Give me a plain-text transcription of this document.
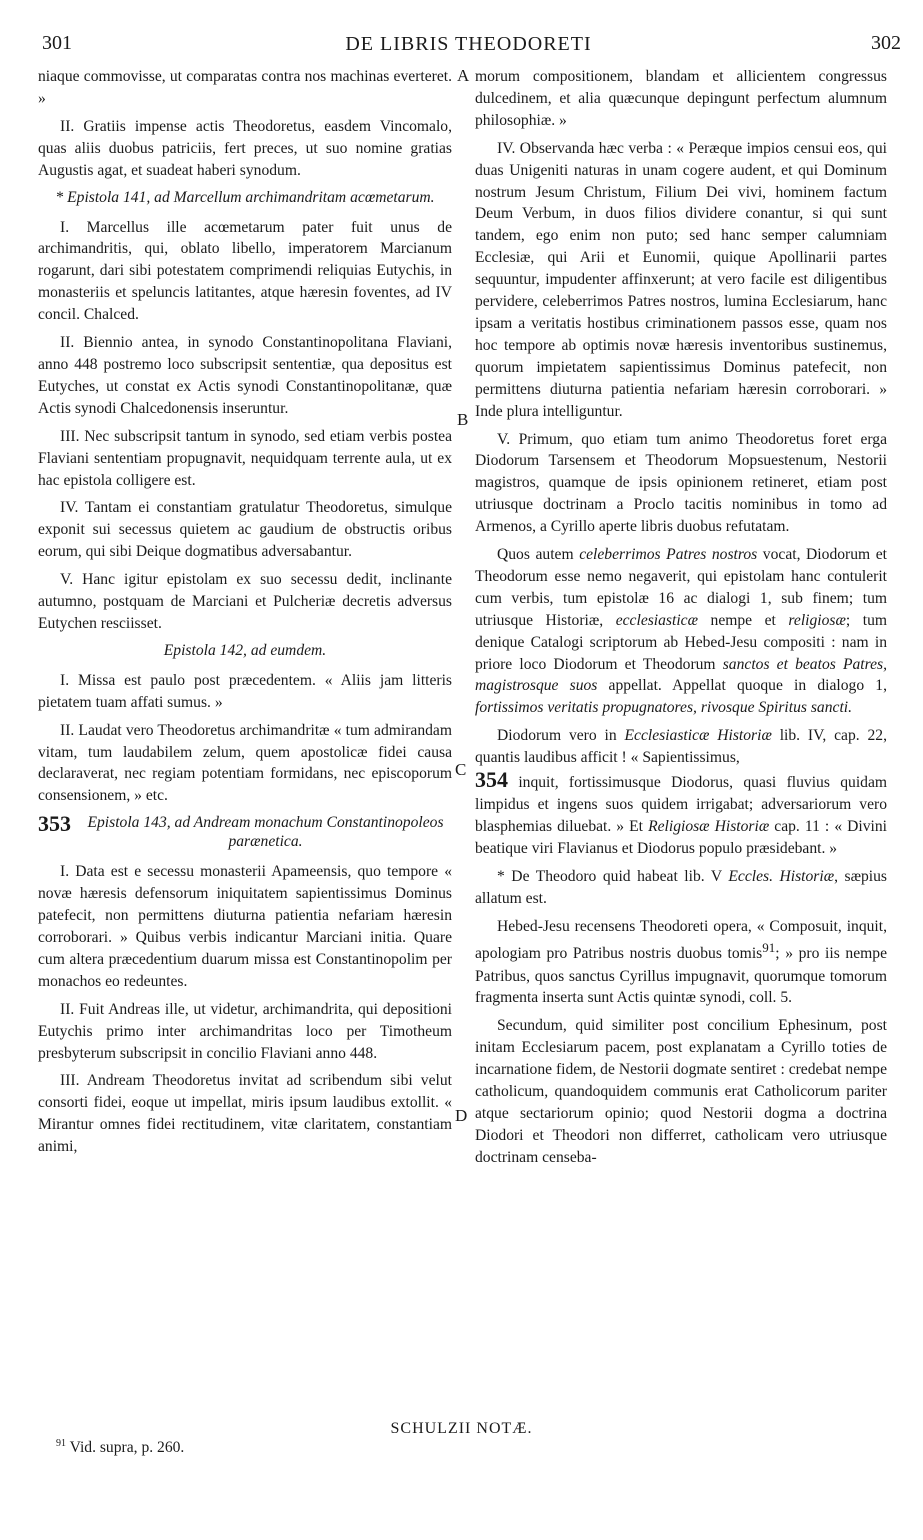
301	DE LIBRIS THEODORETI	302
A
B
C
D

niaque commovisse, ut comparatas contra nos machinas everteret. »

II. Gratiis impense actis Theodoretus, easdem Vincomalo, quas aliis duobus patriciis, fert preces, ut suo nomine gratias Augustis agat, et suadeat haberi synodum.

* Epistola 141, ad Marcellum archimandritam acœmetarum.

I. Marcellus ille acœmetarum pater fuit unus de archimandritis, qui, oblato libello, imperatorem Marcianum rogarunt, dari sibi potestatem comprimendi reliquias Eutychis, in monasteriis et speluncis latitantes, atque hæresin foventes, ad IV concil. Chalced.

II. Biennio antea, in synodo Constantinopolitana Flaviani, anno 448 postremo loco subscripsit sententiæ, qua depositus est Eutyches, ut constat ex Actis synodi Constantinopolitanæ, quæ Actis synodi Chalcedonensis inseruntur.

III. Nec subscripsit tantum in synodo, sed etiam verbis postea Flaviani sententiam propugnavit, nequidquam terrente aula, ut ex hac epistola colligere est.

IV. Tantam ei constantiam gratulatur Theodoretus, simulque exponit sui secessus quietem ac gaudium de obstructis oribus eorum, qui sibi Deique dogmatibus adversabantur.

V. Hanc igitur epistolam ex suo secessu dedit, inclinante autumno, postquam de Marciani et Pulcheriæ decretis adversus Eutychen resciisset.

Epistola 142, ad eumdem.

I. Missa est paulo post præcedentem. « Aliis jam litteris pietatem tuam affati sumus. »

II. Laudat vero Theodoretus archimandritæ « tum admirandam vitam, tum laudabilem zelum, quem apostolicæ fidei causa declaraverat, nec regiam potentiam formidans, nec episcoporum consensionem, » etc.

353 Epistola 143, ad Andream monachum Constantinopoleos parænetica.

I. Data est e secessu monasterii Apameensis, quo tempore « novæ hæresis defensorum iniquitatem sapientissimus Dominus patefecit, non permittens diuturna patientia nefariam hæresin corroborari. » Quibus verbis indicantur Marciani initia. Quare cum altera præcedentium duarum missa est Constantinopolim per monachos eo redeuntes.

II. Fuit Andreas ille, ut videtur, archimandrita, qui depositioni Eutychis primo inter archimandritas loco per Timotheum presbyterum subscripsit in concilio Flaviani anno 448.

III. Andream Theodoretus invitat ad scribendum sibi velut consorti fidei, eoque ut impellat, miris ipsum laudibus extollit. « Mirantur omnes fidei rectitudinem, vitæ claritatem, constantiam animi,

morum compositionem, blandam et allicientem congressus dulcedinem, et alia quæcunque depingunt perfectum alumnum philosophiæ. »

IV. Observanda hæc verba : « Peræque impios censui eos, qui duas Unigeniti naturas in unam cogere audent, et qui Dominum nostrum Jesum Christum, Filium Dei vivi, hominem factum Deum Verbum, in duos filios dividere conantur, si qui sunt tandem, ego enim non puto; sed hanc semper calumniam Ecclesiæ, qui Arii et Eunomii, quique Apollinarii partes sequuntur, impudenter affinxerunt; at vero facile est diligentibus pervidere, celeberrimos Patres nostros, lumina Ecclesiarum, hanc ipsam a veritatis hostibus criminationem passos esse, quam nos hoc tempore ab optimis novæ hæresis inventoribus sustinemus, quorum impietatem sapientissimus Dominus patefecit, non permittens diuturna patientia nefariam hæresin corroborari. » Inde plura intelliguntur.

V. Primum, quo etiam tum animo Theodoretus foret erga Diodorum Tarsensem et Theodorum Mopsuestenum, Nestorii magistros, quamque de ipsis opinionem retineret, etiam post utriusque doctrinam a Proclo tacitis nominibus in tomo ad Armenos, a Cyrillo aperte libris duobus refutatam.

Quos autem celeberrimos Patres nostros vocat, Diodorum et Theodorum esse nemo negaverit, qui epistolam hanc contulerit cum verbis, tum epistolæ 16 ac dialogi 1, sub finem; tum utriusque Historiæ, ecclesiasticæ nempe et religiosæ; tum denique Catalogi scriptorum ab Hebed-Jesu compositi : nam in priore loco Diodorum et Theodorum sanctos et beatos Patres, magistrosque suos appellat. Appellat quoque in dialogo 1, fortissimos veritatis propugnatores, rivosque Spiritus sancti.

Diodorum vero in Ecclesiasticæ Historiæ lib. IV, cap. 22, quantis laudibus afficit ! « Sapientissimus,
354 inquit, fortissimusque Diodorus, quasi fluvius quidam limpidus et ingens suos quidem irrigabat; adversariorum vero blasphemias diluebat. » Et Religiosæ Historiæ cap. 11 : « Divini beatique viri Flavianus et Diodorus populo præsidebant. »

* De Theodoro quid habeat lib. V Eccles. Historiæ, sæpius allatum est.

Hebed-Jesu recensens Theodoreti opera, « Composuit, inquit, apologiam pro Patribus nostris duobus tomis$^{91}$; » pro iis nempe Patribus, quos sanctus Cyrillus impugnavit, quorumque tomorum fragmenta inserta sunt Actis quintæ synodi, coll. 5.

Secundum, quid similiter post concilium Ephesinum, post initam Ecclesiarum pacem, post explanatam a Cyrillo toties de incarnatione fidem, de Nestorii dogmate sentiret : credebat nempe catholicum, quandoquidem communis erat Catholicorum pariter atque sectariorum opinio; quod Nestorii dogma a doctrina Diodori et Theodori non differret, catholicam vero utriusque doctrinam censeba-

SCHULZII NOTÆ.
$^{91}$ Vid. supra, p. 260.
